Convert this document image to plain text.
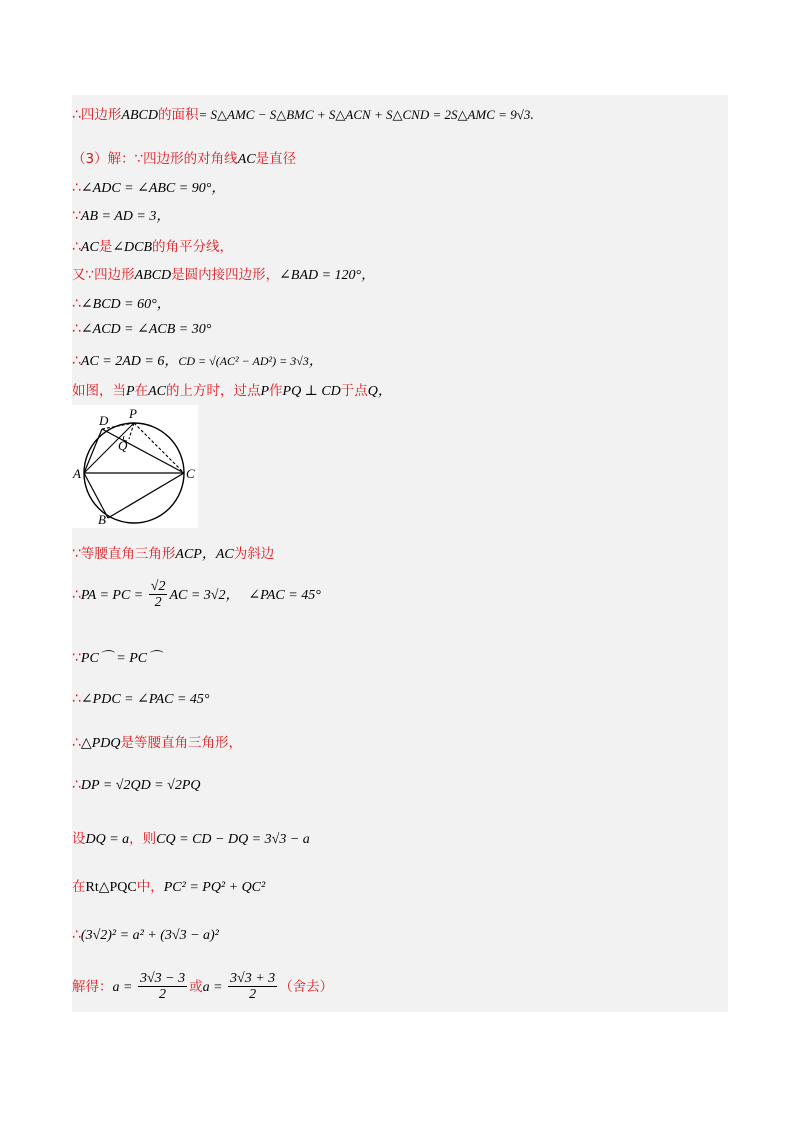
∴四边形ABCD的面积= S△AMC − S△BMC + S△ACN + S△CND = 2S△AMC = 9√3.
（3）解：∵四边形的对角线AC是直径
∴∠ADC = ∠ABC = 90°，
∵AB = AD = 3，
∴AC是∠DCB的角平分线，
又∵四边形ABCD是圆内接四边形，∠BAD = 120°，
∴∠BCD = 60°，
∴∠ACD = ∠ACB = 30°
∴AC = 2AD = 6，CD = √(AC² − AD²) = 3√3，
如图，当P在AC的上方时，过点P作PQ ⊥ CD于点Q，
A	C
B
D P
Q
∵等腰直角三角形ACP，AC为斜边
∴PA = PC = $\frac{√2}{2}$ AC = 3√2， ∠PAC = 45°
∵PC⌒ = PC⌒
∴∠PDC = ∠PAC = 45°
∴△PDQ是等腰直角三角形，
∴DP = √2QD = √2PQ
设DQ = a，则CQ = CD − DQ = 3√3 − a
在Rt△PQC中，PC² = PQ² + QC²
∴(3√2)² = a² + (3√3 − a)²
解得：$a = \frac{3√3 - 3}{2}$ 或$a = \frac{3√3 + 3}{2}$ （舍去）
